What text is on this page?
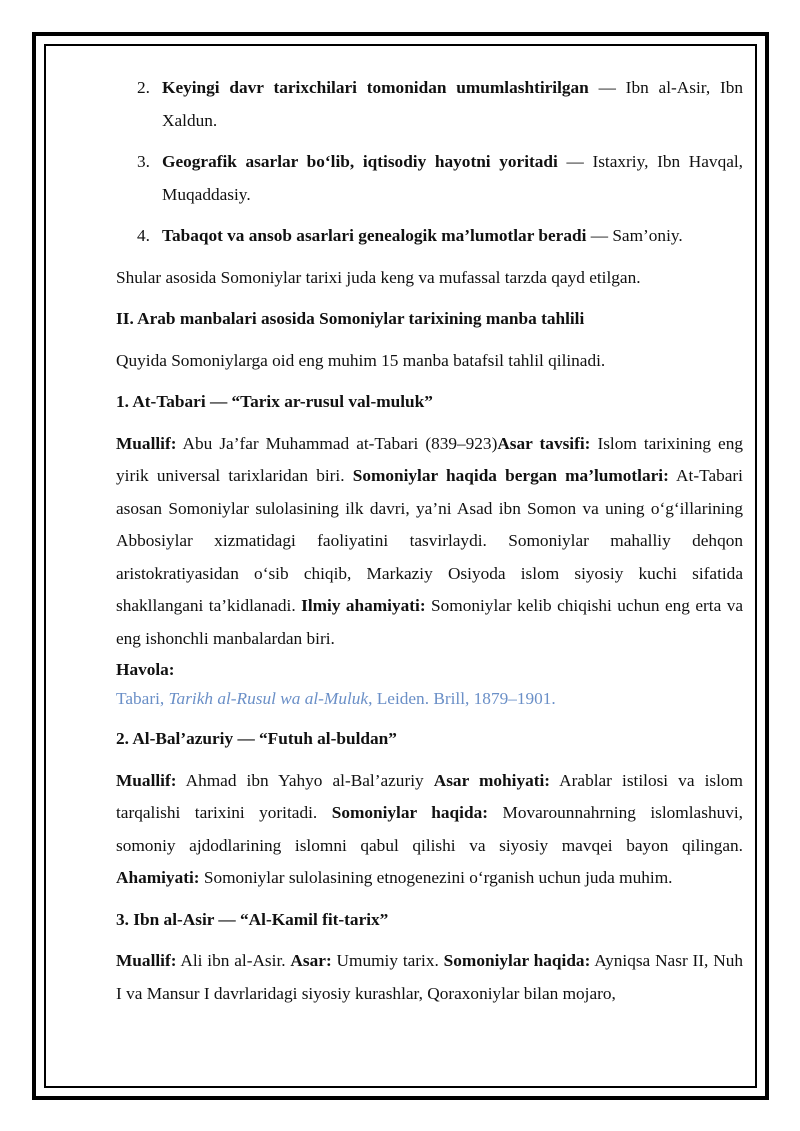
2. Keyingi davr tarixchilari tomonidan umumlashtirilgan — Ibn al-Asir, Ibn Xaldun.
3. Geografik asarlar bo‘lib, iqtisodiy hayotni yoritadi — Istaxriy, Ibn Havqal, Muqaddasiy.
4. Tabaqot va ansob asarlari genealogik ma’lumotlar beradi — Sam’oniy.

Shular asosida Somoniylar tarixi juda keng va mufassal tarzda qayd etilgan.

II. Arab manbalari asosida Somoniylar tarixining manba tahlili

Quyida Somoniylarga oid eng muhim 15 manba batafsil tahlil qilinadi.

1. At-Tabari — “Tarix ar-rusul val-muluk”

Muallif: Abu Ja’far Muhammad at-Tabari (839–923)Asar tavsifi: Islom tarixining eng yirik universal tarixlaridan biri. Somoniylar haqida bergan ma’lumotlari: At-Tabari asosan Somoniylar sulolasining ilk davri, ya’ni Asad ibn Somon va uning o‘g‘illarining Abbosiylar xizmatidagi faoliyatini tasvirlaydi. Somoniylar mahalliy dehqon aristokratiyasidan o‘sib chiqib, Markaziy Osiyoda islom siyosiy kuchi sifatida shakllangani ta’kidlanadi. Ilmiy ahamiyati: Somoniylar kelib chiqishi uchun eng erta va eng ishonchli manbalardan biri.

Havola:
Tabari, Tarikh al-Rusul wa al-Muluk, Leiden. Brill, 1879–1901.

2. Al-Bal’azuriy — “Futuh al-buldan”

Muallif: Ahmad ibn Yahyo al-Bal’azuriy Asar mohiyati: Arablar istilosi va islom tarqalishi tarixini yoritadi. Somoniylar haqida: Movarounnahrning islomlashuvi, somoniy ajdodlarining islomni qabul qilishi va siyosiy mavqei bayon qilingan. Ahamiyati: Somoniylar sulolasining etnogenezini o‘rganish uchun juda muhim.

3. Ibn al-Asir — “Al-Kamil fit-tarix”

Muallif: Ali ibn al-Asir. Asar: Umumiy tarix. Somoniylar haqida: Ayniqsa Nasr II, Nuh I va Mansur I davrlaridagi siyosiy kurashlar, Qoraxoniylar bilan mojaro,
